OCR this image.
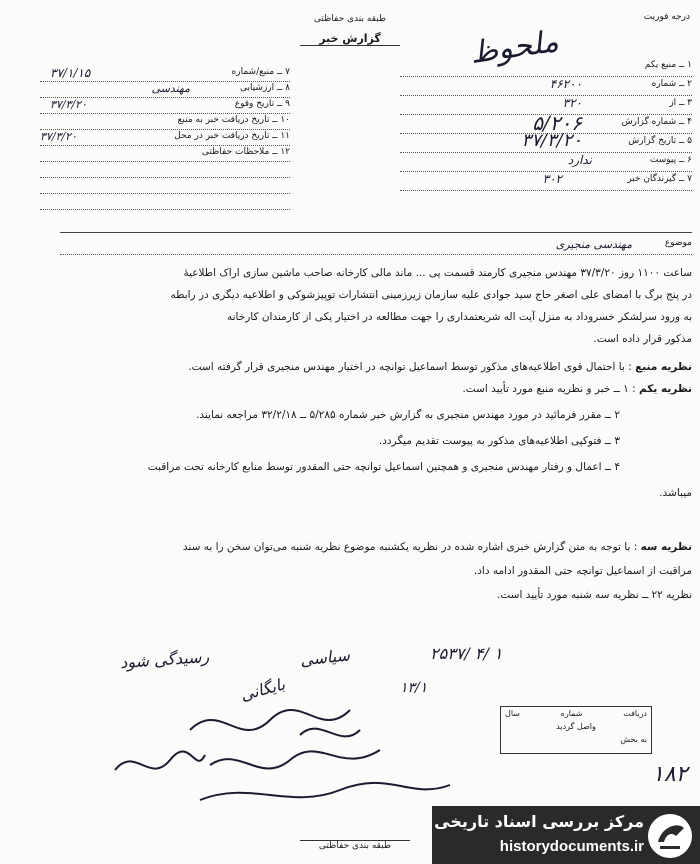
طبقه بندی حفاظتی
گزارش خبر
درجه فوریت
ملحوظ	۱ ــ منبع یکم
۲ ــ شماره
۴۶۲۰۰
۳ ــ از
۳۲۰
۴ ــ شماره گزارش
۵/۲۰۶
۵ ــ تاریخ گزارش
۳۷/۳/۲۰
۶ ــ پیوست
ندارد
۷ ــ گیرندگان خبر
۳۰۲
۷ ــ منبع/شماره
۳۷/۱/۱۵
۸ ــ ارزشیابی
مهندسی
۹ ــ تاریخ وقوع
۳۷/۳/۲۰
۱۰ ــ تاریخ دریافت خبر به منبع
۱۱ ــ تاریخ دریافت خبر در محل
۳۷/۳/۲۰
۱۲ ــ ملاحظات حفاظتی
موضوع
مهندسی منجیری
ساعت ۱۱۰۰ روز ۳۷/۳/۲۰ مهندس منجیری کارمند قسمت پی ... ماند مالی کارخانه صاحب ماشین سازی اراک اطلاعیهٔ
در پنج برگ با امضای علی اصغر حاج سید جوادی علیه سازمان زیرزمینی انتشارات توپیزشوکی و اطلاعیه دیگری در رابطه
به ورود سرلشکر خسروداد به منزل آیت اله شریعتمداری را جهت مطالعه در اختیار یکی از کارمندان کارخانه
مذکور قرار داده است.
نظریه منبع : با احتمال قوی اطلاعیه‌های مذکور توسط اسماعیل توانچه در اختیار مهندس منجیری قرار گرفته است.
نظریه یکم : ۱ ــ خبر و نظریه منبع مورد تأیید است.
۲ ــ مقرر فرمائید در مورد مهندس منجیری به گزارش خبر شماره ۵/۲۸۵ ــ ۳۲/۲/۱۸ مراجعه نمایند.
۳ ــ فتوکپی اطلاعیه‌های مذکور به پیوست تقدیم میگردد.
۴ ــ اعمال و رفتار مهندس منجیری و همچنین اسماعیل توانچه حتی المقدور توسط منابع کارخانه تحت مراقبت
میباشد.
نظریه سه : با توجه به متن گزارش خبری اشاره شده در نظریه یکشنبه موضوع نظریه شنبه می‌توان سخن را به سند
مراقبت از اسماعیل توانچه حتی المقدور ادامه داد.
نظریه ۲۲ ــ نظریه سه شنبه مورد تأیید است.
۲۵۳۷/ ۴/ ۱
رسیدگی شود	سیاسی
بایگانی	۱۳/۱
دریافت
شماره
سال
واصل گردید
به بخش
۱۸۲
طبقه بندی حفاظتی
مرکز بررسی اسناد تاریخی
historydocuments.ir
